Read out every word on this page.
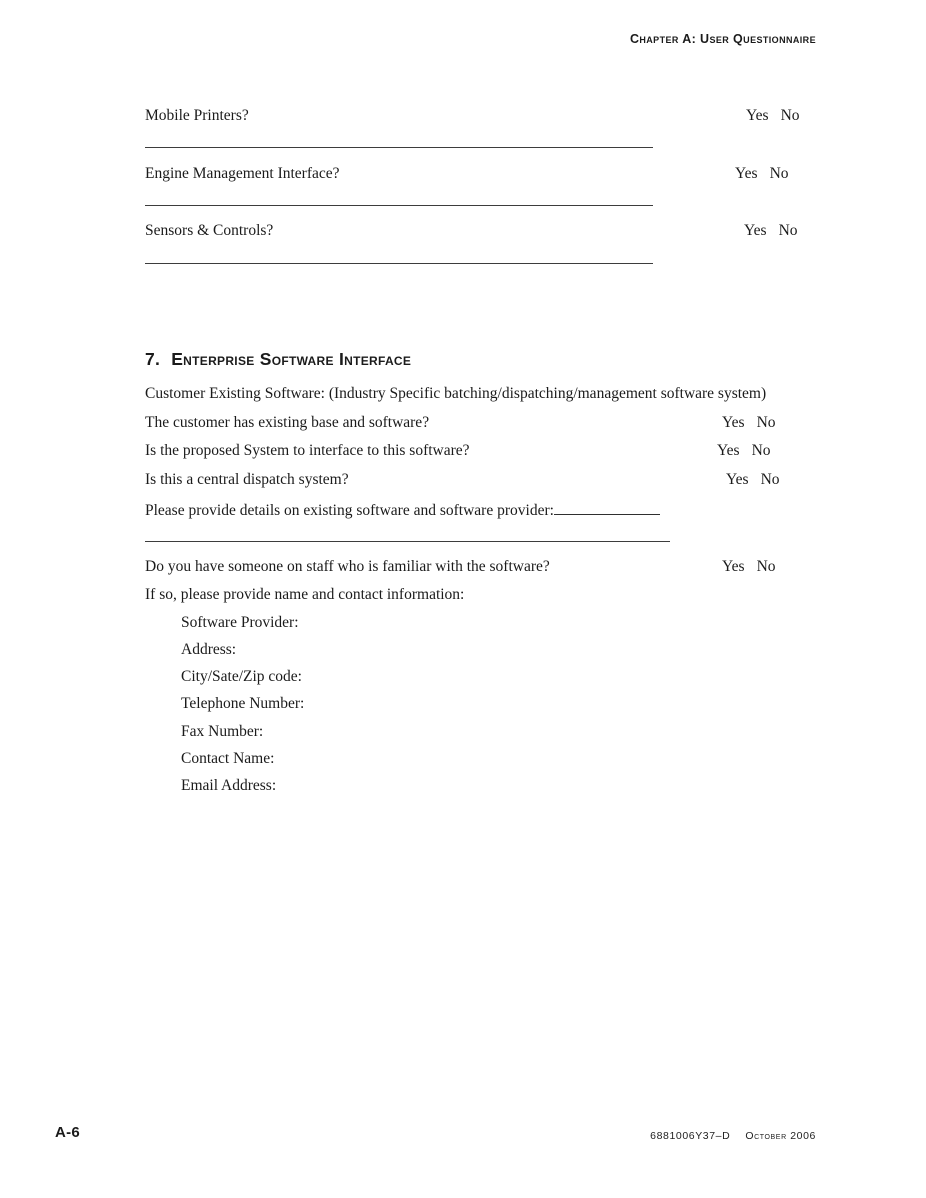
Chapter A: User Questionnaire
Mobile Printers?	Yes No
Engine Management Interface?	Yes No
Sensors & Controls?	Yes No
7. Enterprise Software Interface
Customer Existing Software: (Industry Specific batching/dispatching/management software system)
The customer has existing base and software?	Yes No
Is the proposed System to interface to this software?	Yes No
Is this a central dispatch system?	Yes No
Please provide details on existing software and software provider:
Do you have someone on staff who is familiar with the software?	Yes No
If so, please provide name and contact information:
Software Provider:
Address:
City/Sate/Zip code:
Telephone Number:
Fax Number:
Contact Name:
Email Address:
A-6	6881006Y37–D October 2006
